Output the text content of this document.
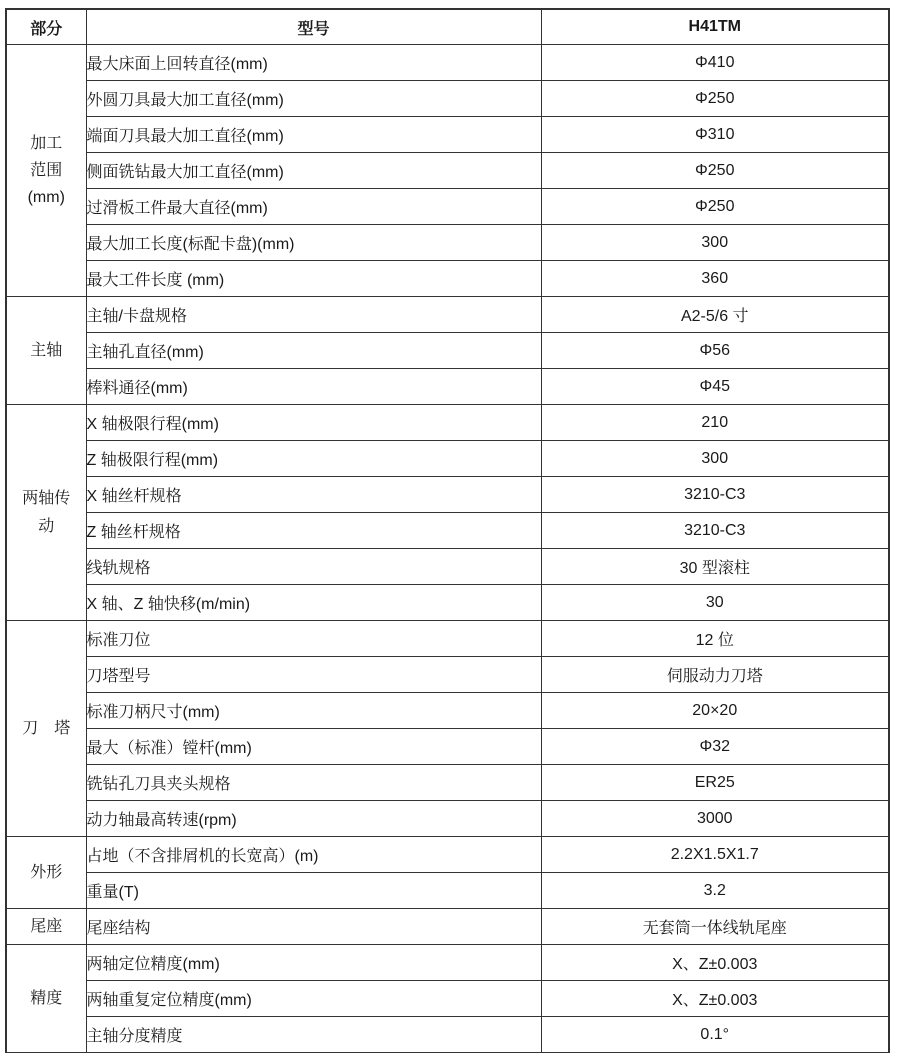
部分	型号	H41TM

加工
范围
(mm)	最大床面上回转直径(mm)	Φ410
	外圆刀具最大加工直径(mm)	Φ250
	端面刀具最大加工直径(mm)	Φ310
	侧面铣钻最大加工直径(mm)	Φ250
	过滑板工件最大直径(mm)	Φ250
	最大加工长度(标配卡盘)(mm)	300
	最大工件长度 (mm)	360

主轴	主轴/卡盘规格	A2-5/6 寸
	主轴孔直径(mm)	Φ56
	棒料通径(mm)	Φ45

两轴传
动	X 轴极限行程(mm)	210
	Z 轴极限行程(mm)	300
	X 轴丝杆规格	3210-C3
	Z 轴丝杆规格	3210-C3
	线轨规格	30 型滚柱
	X 轴、Z 轴快移(m/min)	30

刀　塔	标准刀位	12 位
	刀塔型号	伺服动力刀塔
	标准刀柄尺寸(mm)	20×20
	最大（标准）镗杆(mm)	Φ32
	铣钻孔刀具夹头规格	ER25
	动力轴最高转速(rpm)	3000

外形	占地（不含排屑机的长宽高）(m)	2.2X1.5X1.7
	重量(T)	3.2

尾座	尾座结构	无套筒一体线轨尾座

精度	两轴定位精度(mm)	X、Z±0.003
	两轴重复定位精度(mm)	X、Z±0.003
	主轴分度精度	0.1°
